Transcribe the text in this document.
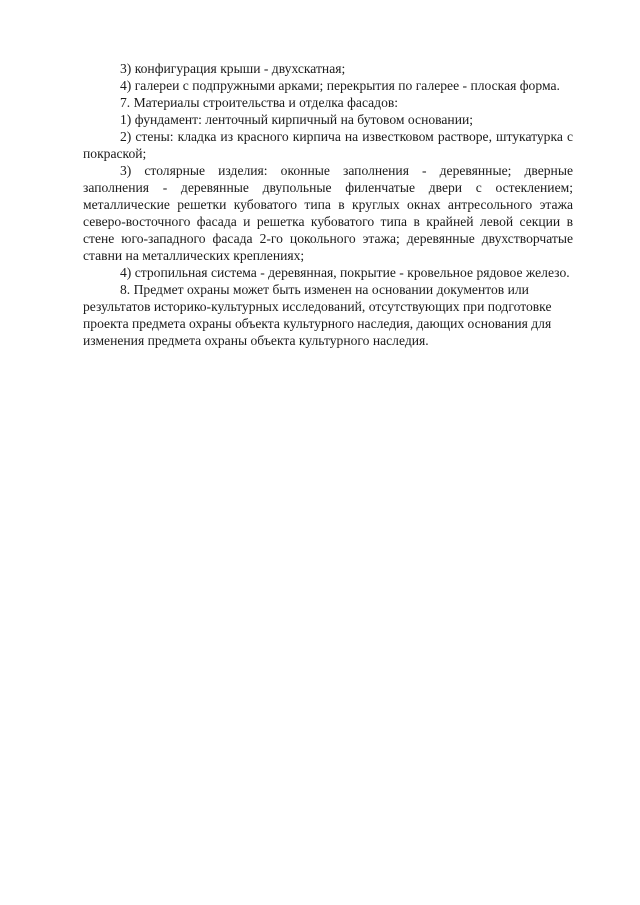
3) конфигурация крыши - двухскатная;

4) галереи с подпружными арками; перекрытия по галерее - плоская форма.

7. Материалы строительства и отделка фасадов:

1) фундамент: ленточный кирпичный на бутовом основании;

2) стены: кладка из красного кирпича на известковом растворе, штукатурка с покраской;

3) столярные изделия: оконные заполнения - деревянные; дверные заполнения - деревянные двупольные филенчатые двери с остеклением; металлические решетки кубоватого типа в круглых окнах антресольного этажа северо-восточного фасада и решетка кубоватого типа в крайней левой секции в стене юго-западного фасада 2-го цокольного этажа; деревянные двухстворчатые ставни на металлических креплениях;

4) стропильная система - деревянная, покрытие - кровельное рядовое железо.

8. Предмет охраны может быть изменен на основании документов или результатов историко-культурных исследований, отсутствующих при подготовке проекта предмета охраны объекта культурного наследия, дающих основания для изменения предмета охраны объекта культурного наследия.
